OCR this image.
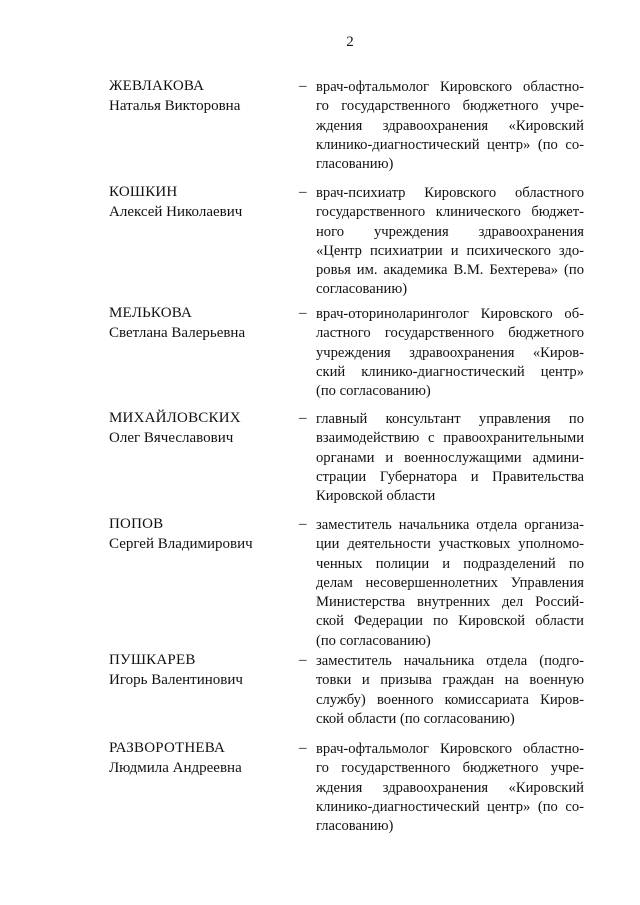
2
ЖЕВЛАКОВА
Наталья Викторовна
– врач-офтальмолог Кировского областно-
го государственного бюджетного учре-
ждения здравоохранения «Кировский
клинико-диагностический центр» (по со-
гласованию)
КОШКИН
Алексей Николаевич
– врач-психиатр Кировского областного
государственного клинического бюджет-
ного учреждения здравоохранения
«Центр психиатрии и психического здо-
ровья им. академика В.М. Бехтерева» (по
согласованию)
МЕЛЬКОВА
Светлана Валерьевна
– врач-оториноларинголог Кировского об-
ластного государственного бюджетного
учреждения здравоохранения «Киров-
ский клинико-диагностический центр»
(по согласованию)
МИХАЙЛОВСКИХ
Олег Вячеславович
– главный консультант управления по
взаимодействию с правоохранительными
органами и военнослужащими админи-
страции Губернатора и Правительства
Кировской области
ПОПОВ
Сергей Владимирович
– заместитель начальника отдела организа-
ции деятельности участковых уполномо-
ченных полиции и подразделений по
делам несовершеннолетних Управления
Министерства внутренних дел Россий-
ской Федерации по Кировской области
(по согласованию)
ПУШКАРЕВ
Игорь Валентинович
– заместитель начальника отдела (подго-
товки и призыва граждан на военную
службу) военного комиссариата Киров-
ской области (по согласованию)
РАЗВОРОТНЕВА
Людмила Андреевна
– врач-офтальмолог Кировского областно-
го государственного бюджетного учре-
ждения здравоохранения «Кировский
клинико-диагностический центр» (по со-
гласованию)
